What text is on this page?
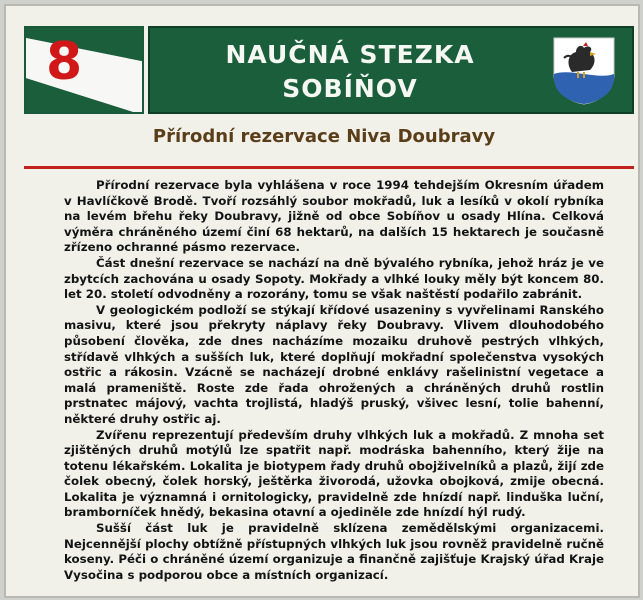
8	NAUČNÁ STEZKA
SOBÍŇOV
Přírodní rezervace Niva Doubravy

Přírodní rezervace byla vyhlášena v roce 1994 tehdejším Okresním úřadem v Havlíčkově Brodě. Tvoří rozsáhlý soubor mokřadů, luk a lesíků v okolí rybníka na levém břehu řeky Doubravy, jižně od obce Sobíňov u osady Hlína. Celková výměra chráněného území činí 68 hektarů, na dalších 15 hektarech je současně zřízeno ochranné pásmo rezervace.

Část dnešní rezervace se nachází na dně bývalého rybníka, jehož hráz je ve zbytcích zachována u osady Sopoty. Mokřady a vlhké louky měly být koncem 80. let 20. století odvodněny a rozorány, tomu se však naštěstí podařilo zabránit.

V geologickém podloží se stýkají křídové usazeniny s vyvřelinami Ranského masivu, které jsou překryty náplavy řeky Doubravy. Vlivem dlouhodobého působení člověka, zde dnes nacházíme mozaiku druhově pestrých vlhkých, střídavě vlhkých a sušších luk, které doplňují mokřadní společenstva vysokých ostřic a rákosin. Vzácně se nacházejí drobné enklávy rašelinistní vegetace a malá prameniště. Roste zde řada ohrožených a chráněných druhů rostlin prstnatec májový, vachta trojlistá, hladýš pruský, všivec lesní, tolie bahenní, některé druhy ostřic aj.

Zvířenu reprezentují především druhy vlhkých luk a mokřadů. Z mnoha set zjištěných druhů motýlů lze spatřit např. modráska bahenního, který žije na totenu lékařském. Lokalita je biotypem řady druhů obojživelníků a plazů, žijí zde čolek obecný, čolek horský, ještěrka živorodá, užovka obojková, zmije obecná. Lokalita je významná i ornitologicky, pravidelně zde hnízdí např. linduška luční, bramborníček hnědý, bekasina otavní a ojediněle zde hnízdí hýl rudý.

Sušší část luk je pravidelně sklízena zemědělskými organizacemi. Nejcennější plochy obtížně přístupných vlhkých luk jsou rovněž pravidelně ručně koseny. Péči o chráněné území organizuje a finančně zajišťuje Krajský úřad Kraje Vysočina s podporou obce a místních organizací.
